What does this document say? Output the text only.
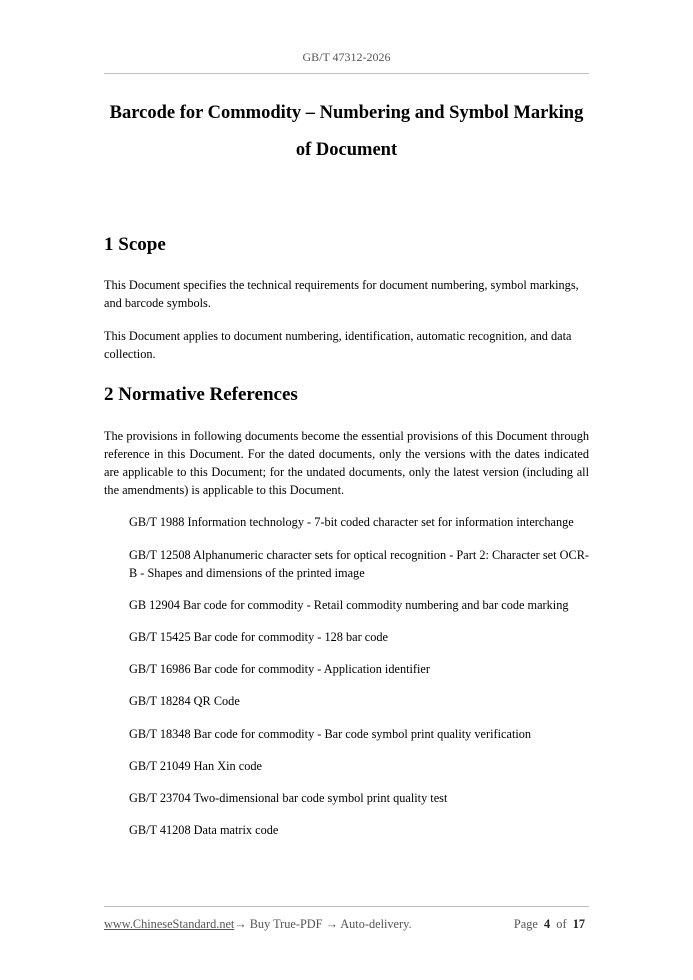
GB/T 47312-2026
Barcode for Commodity – Numbering and Symbol Marking
of Document
1 Scope

This Document specifies the technical requirements for document numbering, symbol markings, and barcode symbols.

This Document applies to document numbering, identification, automatic recognition, and data collection.

2 Normative References

The provisions in following documents become the essential provisions of this Document through reference in this Document. For the dated documents, only the versions with the dates indicated are applicable to this Document; for the undated documents, only the latest version (including all the amendments) is applicable to this Document.

GB/T 1988 Information technology - 7-bit coded character set for information interchange

GB/T 12508 Alphanumeric character sets for optical recognition - Part 2: Character set OCR-B - Shapes and dimensions of the printed image

GB 12904 Bar code for commodity - Retail commodity numbering and bar code marking

GB/T 15425 Bar code for commodity - 128 bar code

GB/T 16986 Bar code for commodity - Application identifier

GB/T 18284 QR Code

GB/T 18348 Bar code for commodity - Bar code symbol print quality verification

GB/T 21049 Han Xin code

GB/T 23704 Two-dimensional bar code symbol print quality test

GB/T 41208 Data matrix code

www.ChineseStandard.net→ Buy True-PDF → Auto-delivery.	Page 4 of 17
